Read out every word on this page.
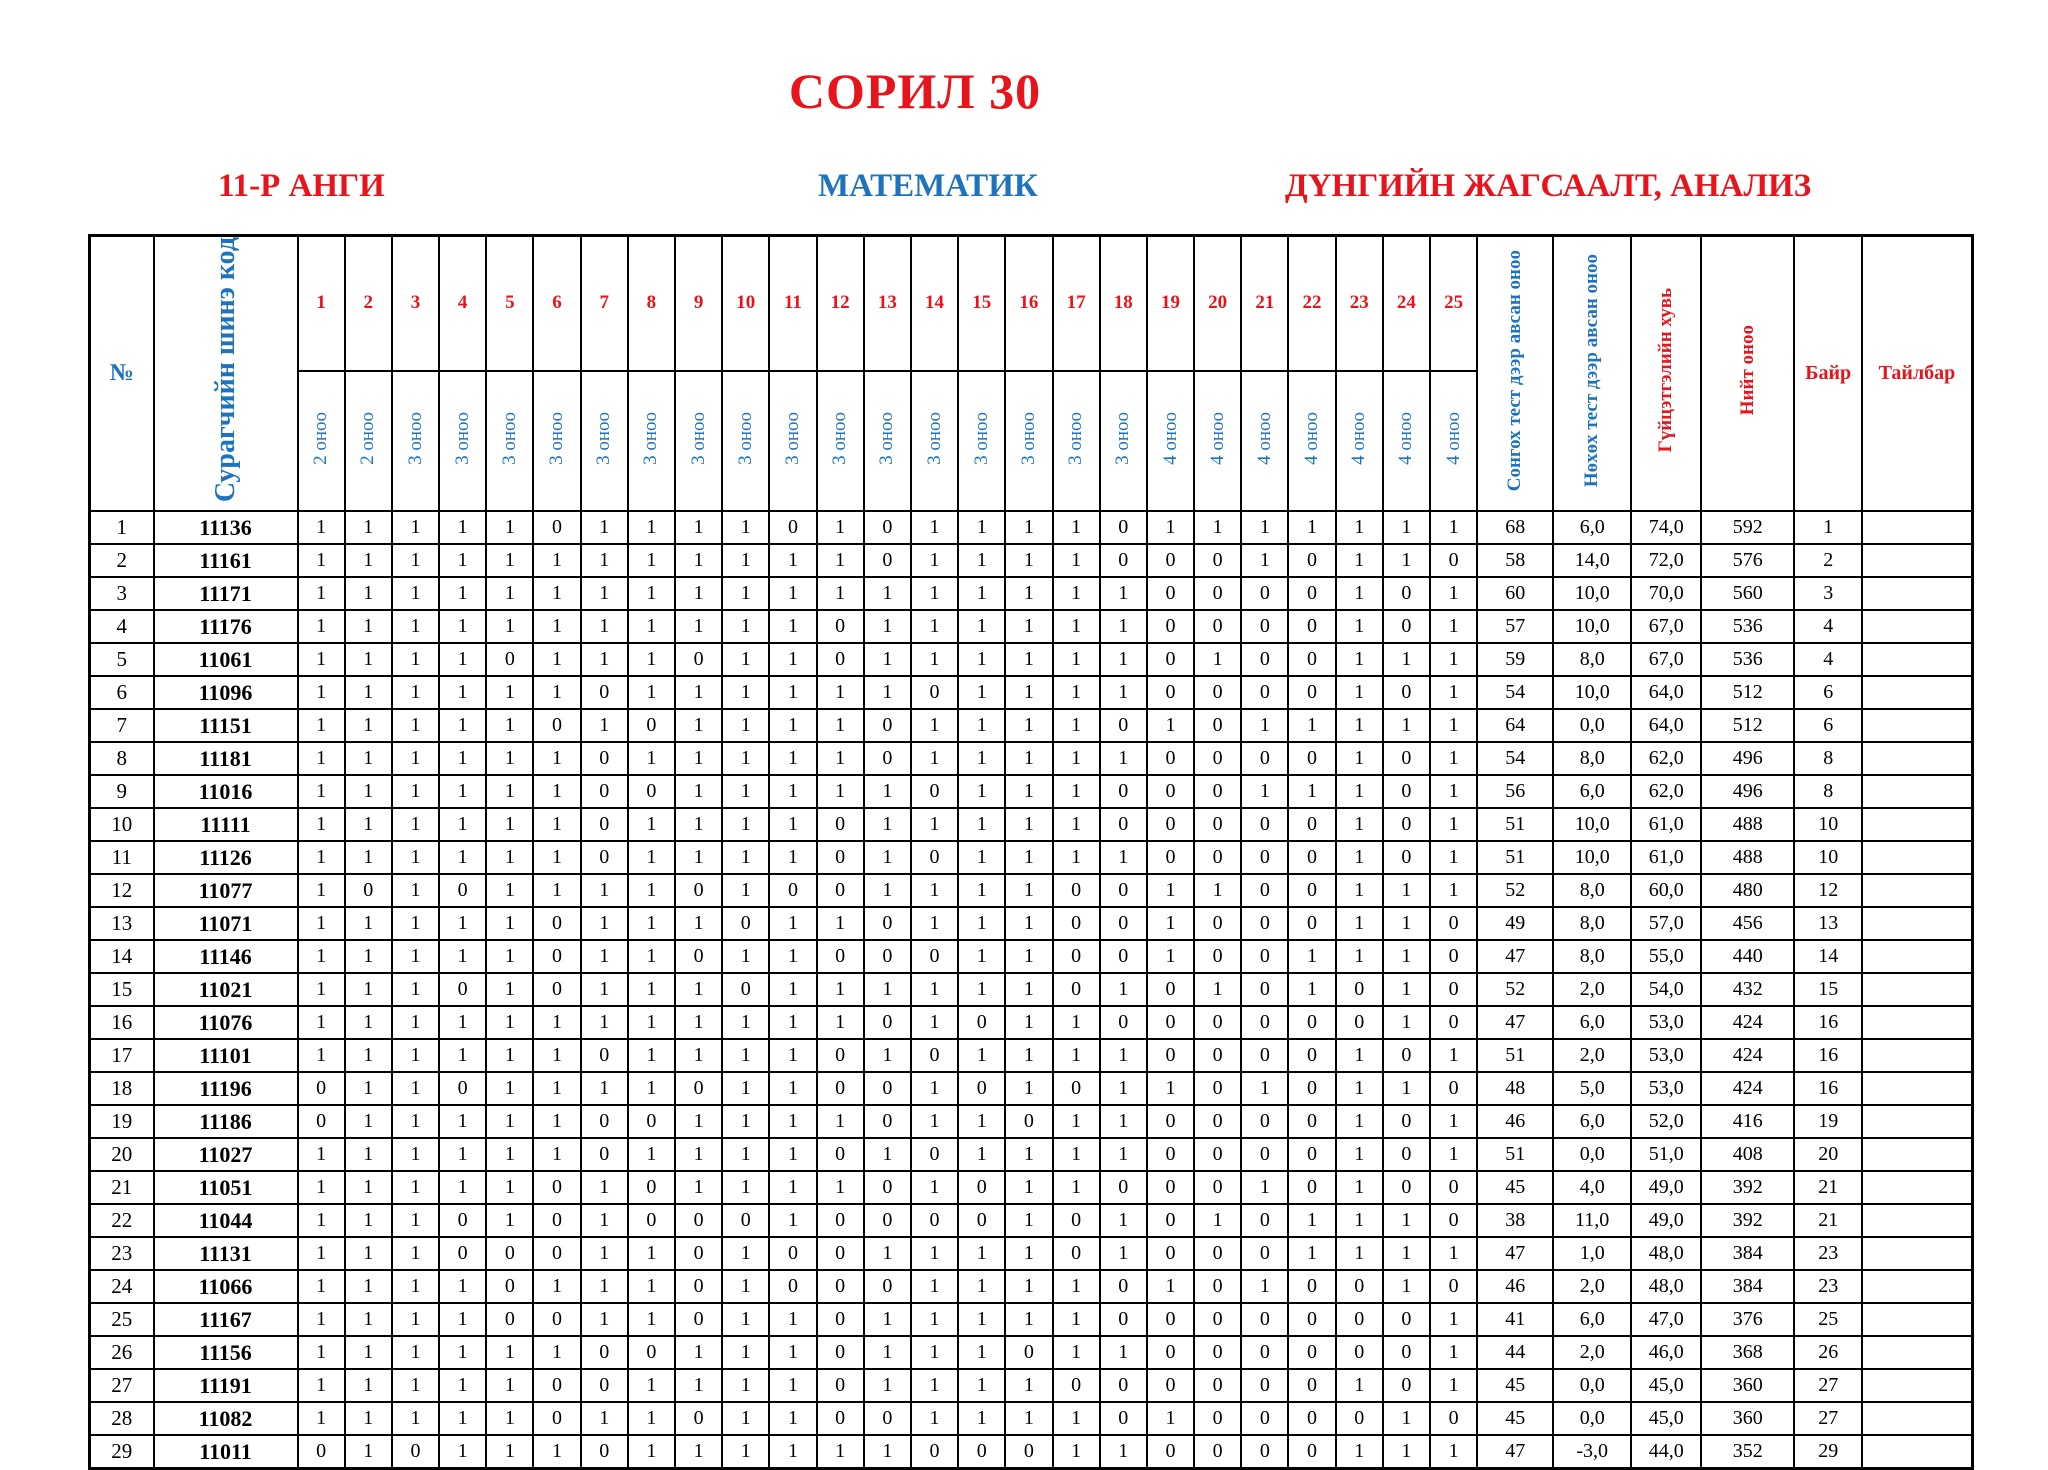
СОРИЛ 30
11-Р АНГИ	МАТЕМАТИК	ДҮНГИЙН ЖАГСААЛТ, АНАЛИЗ
№	Сурагчийн шинэ код	1	2	3	4	5	6	7	8	9	10	11	12	13	14	15	16	17	18	19	20	21	22	23	24	25	Сонгох тест дээр авсан оноо	Нөхөх тест дээр авсан оноо	Гүйцэтгэлийн хувь	Нийт оноо	Байр	Тайлбар
		2 оноо	2 оноо	3 оноо	3 оноо	3 оноо	3 оноо	3 оноо	3 оноо	3 оноо	3 оноо	3 оноо	3 оноо	3 оноо	3 оноо	3 оноо	3 оноо	3 оноо	3 оноо	4 оноо	4 оноо	4 оноо	4 оноо	4 оноо	4 оноо	4 оноо						
1	11136	1	1	1	1	1	0	1	1	1	1	0	1	0	1	1	1	1	0	1	1	1	1	1	1	1	68	6,0	74,0	592	1	
2	11161	1	1	1	1	1	1	1	1	1	1	1	1	0	1	1	1	1	0	0	0	1	0	1	1	0	58	14,0	72,0	576	2	
3	11171	1	1	1	1	1	1	1	1	1	1	1	1	1	1	1	1	1	1	0	0	0	0	1	0	1	60	10,0	70,0	560	3	
4	11176	1	1	1	1	1	1	1	1	1	1	1	0	1	1	1	1	1	1	0	0	0	0	1	0	1	57	10,0	67,0	536	4	
5	11061	1	1	1	1	0	1	1	1	0	1	1	0	1	1	1	1	1	1	0	1	0	0	1	1	1	59	8,0	67,0	536	4	
6	11096	1	1	1	1	1	1	0	1	1	1	1	1	1	0	1	1	1	1	0	0	0	0	1	0	1	54	10,0	64,0	512	6	
7	11151	1	1	1	1	1	0	1	0	1	1	1	1	0	1	1	1	1	0	1	0	1	1	1	1	1	64	0,0	64,0	512	6	
8	11181	1	1	1	1	1	1	0	1	1	1	1	1	0	1	1	1	1	1	0	0	0	0	1	0	1	54	8,0	62,0	496	8	
9	11016	1	1	1	1	1	1	0	0	1	1	1	1	1	0	1	1	1	0	0	0	1	1	1	0	1	56	6,0	62,0	496	8	
10	11111	1	1	1	1	1	1	0	1	1	1	1	0	1	1	1	1	1	0	0	0	0	0	1	0	1	51	10,0	61,0	488	10	
11	11126	1	1	1	1	1	1	0	1	1	1	1	0	1	0	1	1	1	1	0	0	0	0	1	0	1	51	10,0	61,0	488	10	
12	11077	1	0	1	0	1	1	1	1	0	1	0	0	1	1	1	1	0	0	1	1	0	0	1	1	1	52	8,0	60,0	480	12	
13	11071	1	1	1	1	1	0	1	1	1	0	1	1	0	1	1	1	0	0	1	0	0	0	1	1	0	49	8,0	57,0	456	13	
14	11146	1	1	1	1	1	0	1	1	0	1	1	0	0	0	1	1	0	0	1	0	0	1	1	1	0	47	8,0	55,0	440	14	
15	11021	1	1	1	0	1	0	1	1	1	0	1	1	1	1	1	1	0	1	0	1	0	1	0	1	0	52	2,0	54,0	432	15	
16	11076	1	1	1	1	1	1	1	1	1	1	1	1	0	1	0	1	1	0	0	0	0	0	0	1	0	47	6,0	53,0	424	16	
17	11101	1	1	1	1	1	1	0	1	1	1	1	0	1	0	1	1	1	1	0	0	0	0	1	0	1	51	2,0	53,0	424	16	
18	11196	0	1	1	0	1	1	1	1	0	1	1	0	0	1	0	1	0	1	1	0	1	0	1	1	0	48	5,0	53,0	424	16	
19	11186	0	1	1	1	1	1	0	0	1	1	1	1	0	1	1	0	1	1	0	0	0	0	1	0	1	46	6,0	52,0	416	19	
20	11027	1	1	1	1	1	1	0	1	1	1	1	0	1	0	1	1	1	1	0	0	0	0	1	0	1	51	0,0	51,0	408	20	
21	11051	1	1	1	1	1	0	1	0	1	1	1	1	0	1	0	1	1	0	0	0	1	0	1	0	0	45	4,0	49,0	392	21	
22	11044	1	1	1	0	1	0	1	0	0	0	1	0	0	0	0	1	0	1	0	1	0	1	1	1	0	38	11,0	49,0	392	21	
23	11131	1	1	1	0	0	0	1	1	0	1	0	0	1	1	1	1	0	1	0	0	0	1	1	1	1	47	1,0	48,0	384	23	
24	11066	1	1	1	1	0	1	1	1	0	1	0	0	0	1	1	1	1	0	1	0	1	0	0	1	0	46	2,0	48,0	384	23	
25	11167	1	1	1	1	0	0	1	1	0	1	1	0	1	1	1	1	1	0	0	0	0	0	0	0	1	41	6,0	47,0	376	25	
26	11156	1	1	1	1	1	1	0	0	1	1	1	0	1	1	1	0	1	1	0	0	0	0	0	0	1	44	2,0	46,0	368	26	
27	11191	1	1	1	1	1	0	0	1	1	1	1	0	1	1	1	1	0	0	0	0	0	0	1	0	1	45	0,0	45,0	360	27	
28	11082	1	1	1	1	1	0	1	1	0	1	1	0	0	1	1	1	1	0	1	0	0	0	0	1	0	45	0,0	45,0	360	27	
29	11011	0	1	0	1	1	1	0	1	1	1	1	1	1	0	0	0	1	1	0	0	0	0	1	1	1	47	-3,0	44,0	352	29	
